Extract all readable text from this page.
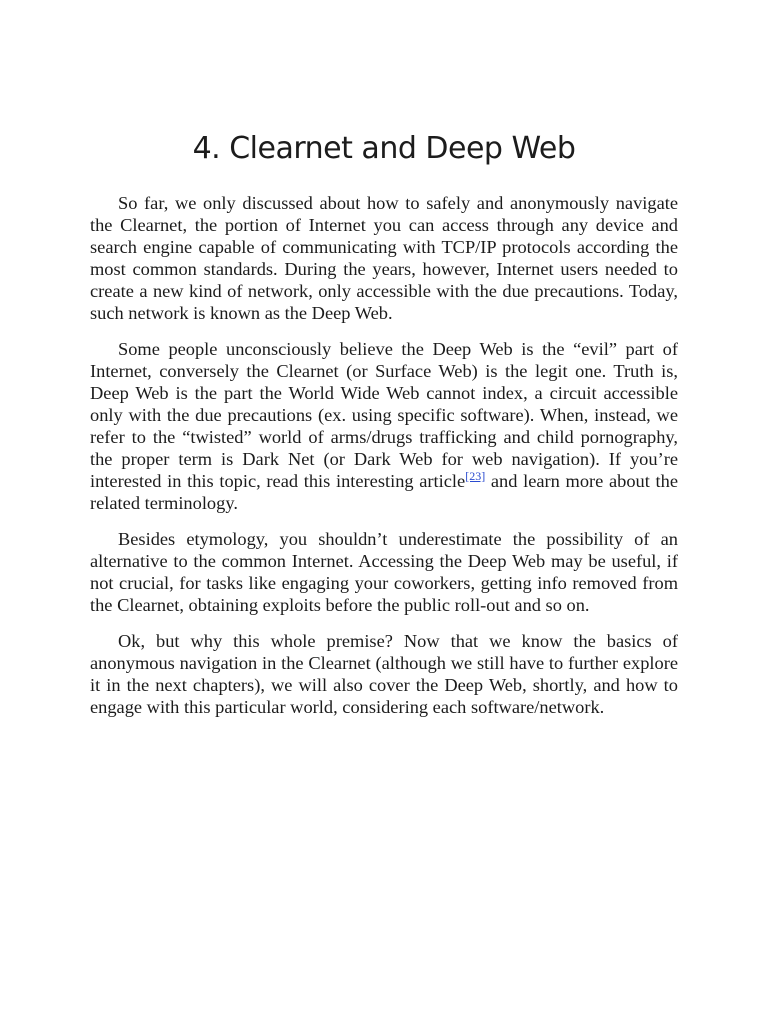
4. Clearnet and Deep Web

So far, we only discussed about how to safely and anonymously navigate the Clearnet, the portion of Internet you can access through any device and search engine capable of communicating with TCP/IP protocols according the most common standards. During the years, however, Internet users needed to create a new kind of network, only accessible with the due precautions. Today, such network is known as the Deep Web.

Some people unconsciously believe the Deep Web is the “evil” part of Internet, conversely the Clearnet (or Surface Web) is the legit one. Truth is, Deep Web is the part the World Wide Web cannot index, a circuit accessible only with the due precautions (ex. using specific software). When, instead, we refer to the “twisted” world of arms/drugs trafficking and child pornography, the proper term is Dark Net (or Dark Web for web navigation). If you’re interested in this topic, read this interesting article[23] and learn more about the related terminology.

Besides etymology, you shouldn’t underestimate the possibility of an alternative to the common Internet. Accessing the Deep Web may be useful, if not crucial, for tasks like engaging your coworkers, getting info removed from the Clearnet, obtaining exploits before the public roll-out and so on.

Ok, but why this whole premise? Now that we know the basics of anonymous navigation in the Clearnet (although we still have to further explore it in the next chapters), we will also cover the Deep Web, shortly, and how to engage with this particular world, considering each software/network.
